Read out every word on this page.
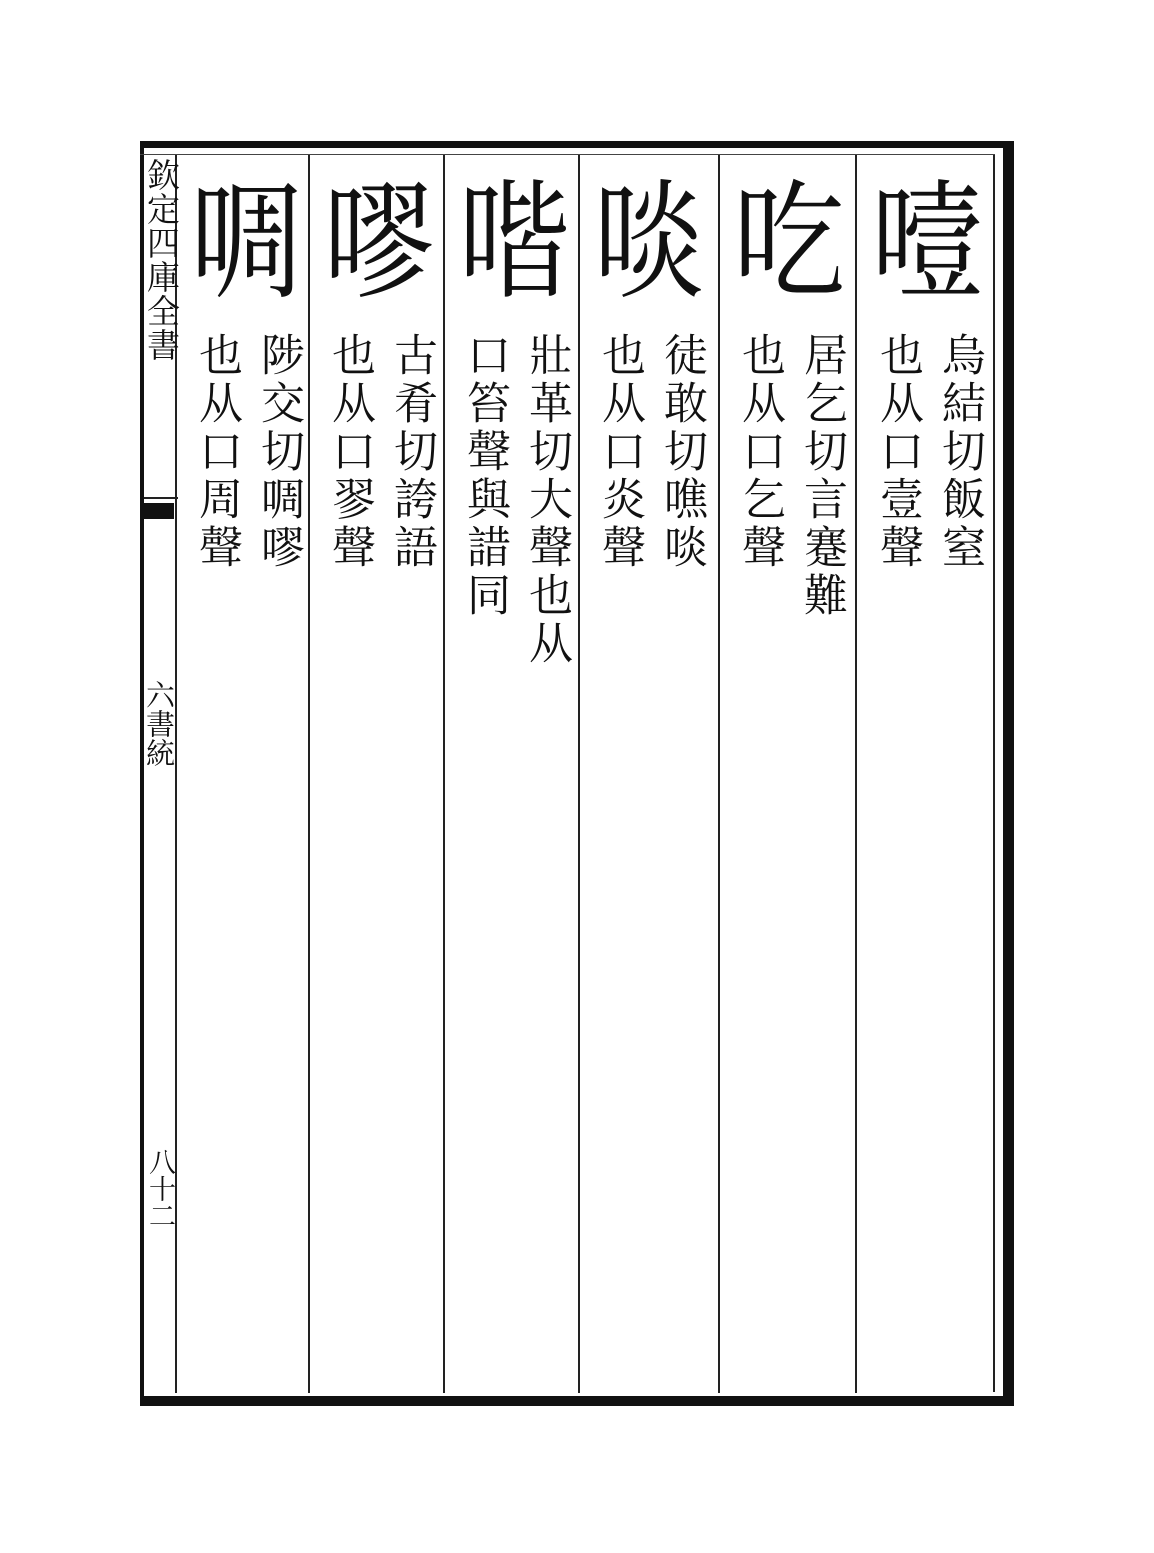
欽定四庫全書
六書統
八十二
噎
烏結切飯窒
也从口壹聲
吃
居乞切言蹇難
也从口乞聲
啖
徒敢切噍啖
也从口炎聲
喈
壯革切大聲也从
口笞聲與諎同
嘐
古肴切誇語
也从口翏聲
啁
陟交切啁嘐
也从口周聲
